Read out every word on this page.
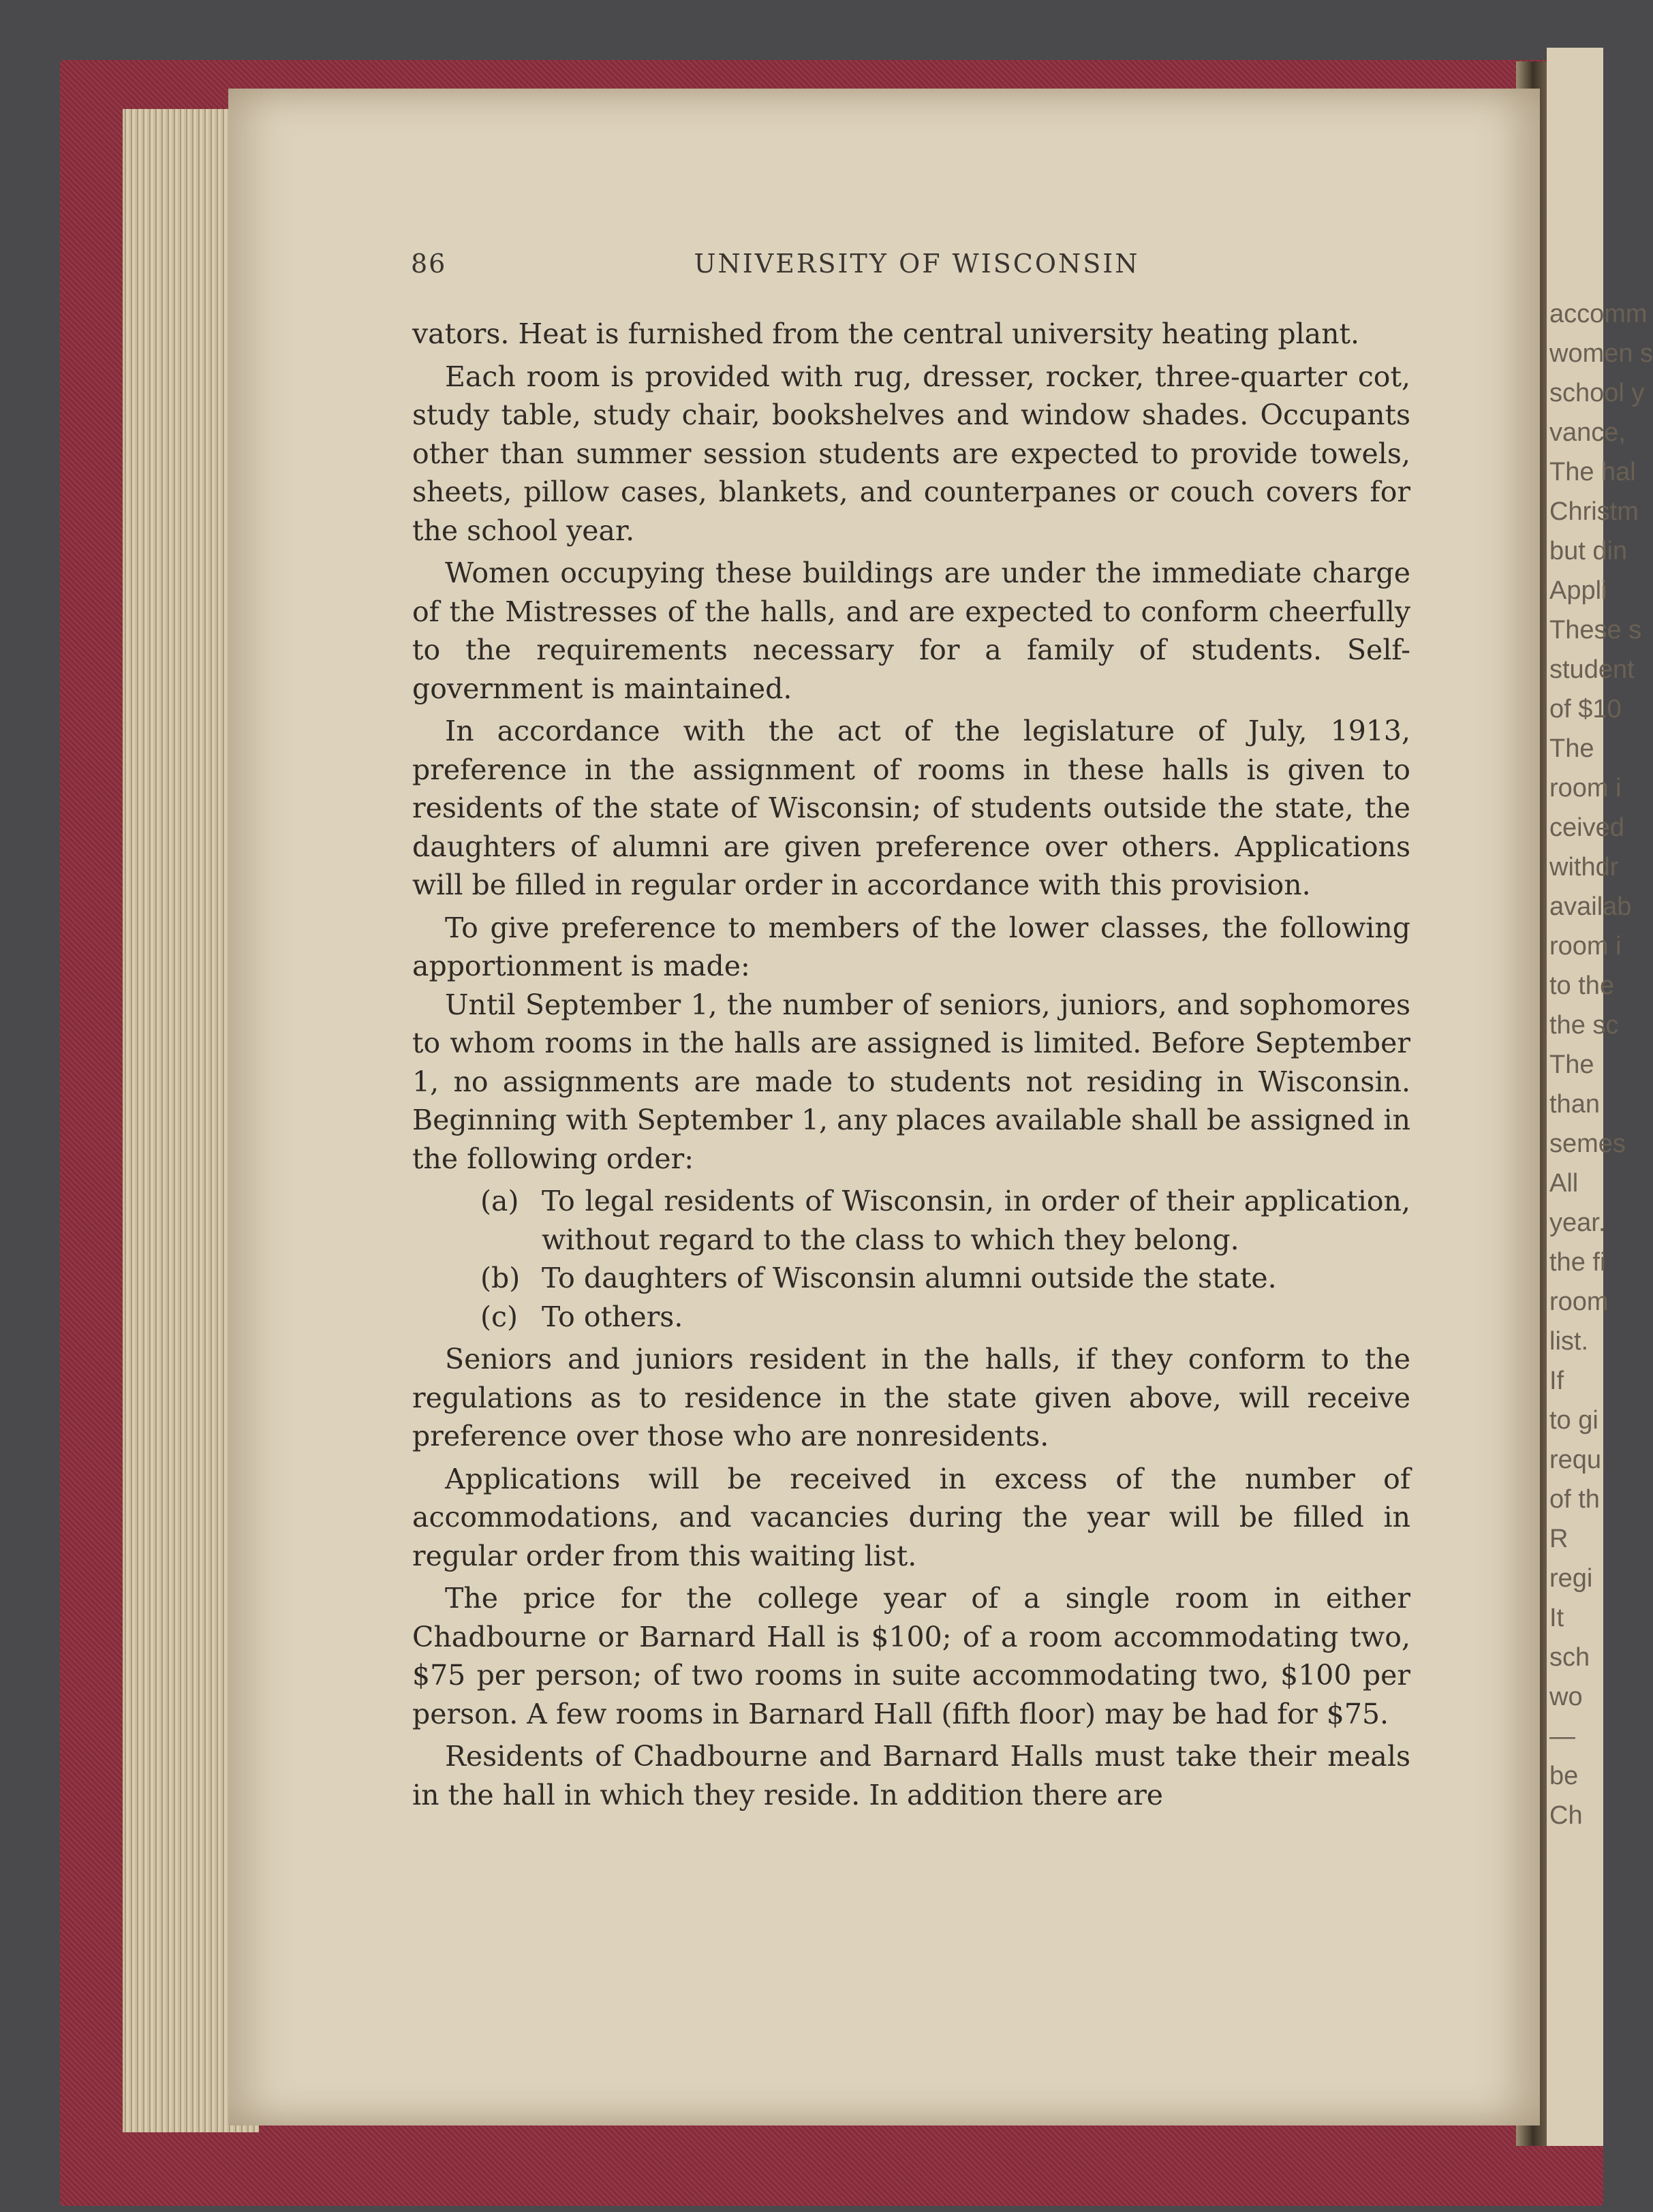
accomm
women s
school y
vance,
The hal
Christm
but din
Appli
These s
student
of $10
The
room i
ceived
withdr
availab
room i
to the
the sc
The
than
semes
All
year.
the fi
room
list.
If
to gi
requ
of th
R
regi
It
sch
wo
—
be
Ch
86	UNIVERSITY OF WISCONSIN

vators. Heat is furnished from the central university heating plant.

Each room is provided with rug, dresser, rocker, three-quarter cot, study table, study chair, bookshelves and window shades. Occupants other than summer session students are expected to provide towels, sheets, pillow cases, blankets, and counterpanes or couch covers for the school year.

Women occupying these buildings are under the immediate charge of the Mistresses of the halls, and are expected to conform cheerfully to the requirements necessary for a family of students. Self-government is maintained.

In accordance with the act of the legislature of July, 1913, preference in the assignment of rooms in these halls is given to residents of the state of Wisconsin; of students outside the state, the daughters of alumni are given preference over others. Applications will be filled in regular order in accordance with this provision.

To give preference to members of the lower classes, the following apportionment is made:

Until September 1, the number of seniors, juniors, and sophomores to whom rooms in the halls are assigned is limited. Before September 1, no assignments are made to students not residing in Wisconsin. Beginning with September 1, any places available shall be assigned in the following order:

(a) To legal residents of Wisconsin, in order of their application, without regard to the class to which they belong.
(b) To daughters of Wisconsin alumni outside the state.
(c) To others.

Seniors and juniors resident in the halls, if they conform to the regulations as to residence in the state given above, will receive preference over those who are nonresidents.

Applications will be received in excess of the number of accommodations, and vacancies during the year will be filled in regular order from this waiting list.

The price for the college year of a single room in either Chadbourne or Barnard Hall is $100; of a room accommodating two, $75 per person; of two rooms in suite accommodating two, $100 per person. A few rooms in Barnard Hall (fifth floor) may be had for $75.

Residents of Chadbourne and Barnard Halls must take their meals in the hall in which they reside. In addition there are
